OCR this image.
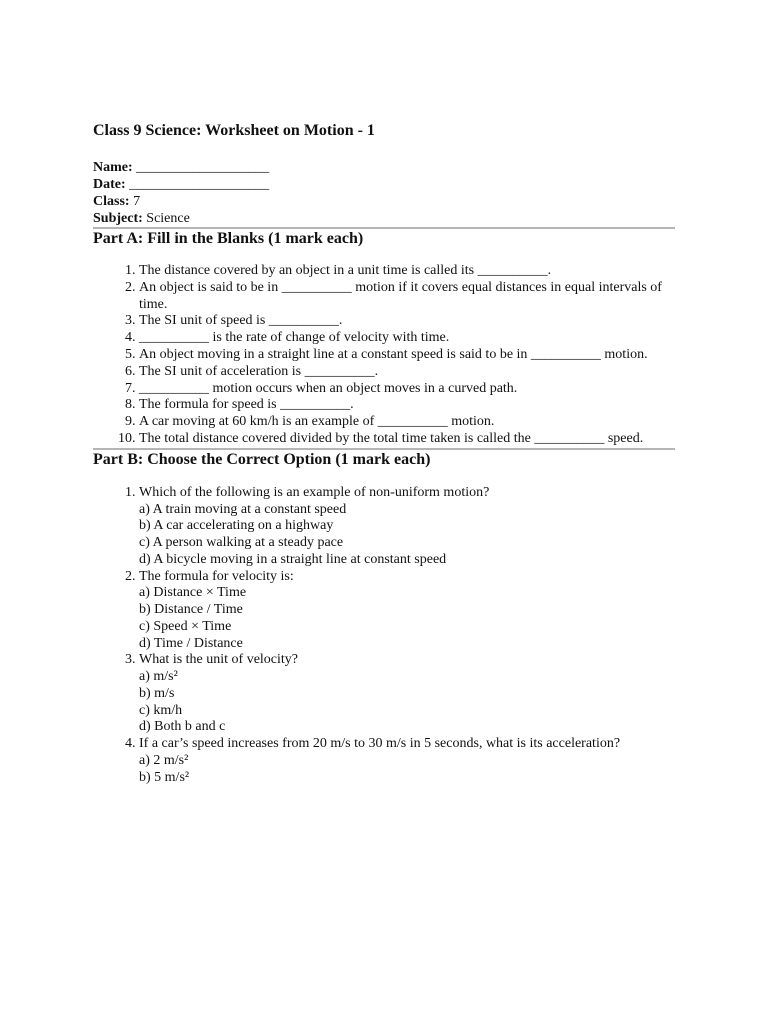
Class 9 Science: Worksheet on Motion - 1
Name: ___________________
Date: ____________________
Class: 7
Subject: Science
Part A: Fill in the Blanks (1 mark each)
1. The distance covered by an object in a unit time is called its __________.
2. An object is said to be in __________ motion if it covers equal distances in equal intervals of time.
3. The SI unit of speed is __________.
4. __________ is the rate of change of velocity with time.
5. An object moving in a straight line at a constant speed is said to be in __________ motion.
6. The SI unit of acceleration is __________.
7. __________ motion occurs when an object moves in a curved path.
8. The formula for speed is __________.
9. A car moving at 60 km/h is an example of __________ motion.
10. The total distance covered divided by the total time taken is called the __________ speed.
Part B: Choose the Correct Option (1 mark each)
1. Which of the following is an example of non-uniform motion?
a) A train moving at a constant speed
b) A car accelerating on a highway
c) A person walking at a steady pace
d) A bicycle moving in a straight line at constant speed
2. The formula for velocity is:
a) Distance × Time
b) Distance / Time
c) Speed × Time
d) Time / Distance
3. What is the unit of velocity?
a) m/s²
b) m/s
c) km/h
d) Both b and c
4. If a car’s speed increases from 20 m/s to 30 m/s in 5 seconds, what is its acceleration?
a) 2 m/s²
b) 5 m/s²
